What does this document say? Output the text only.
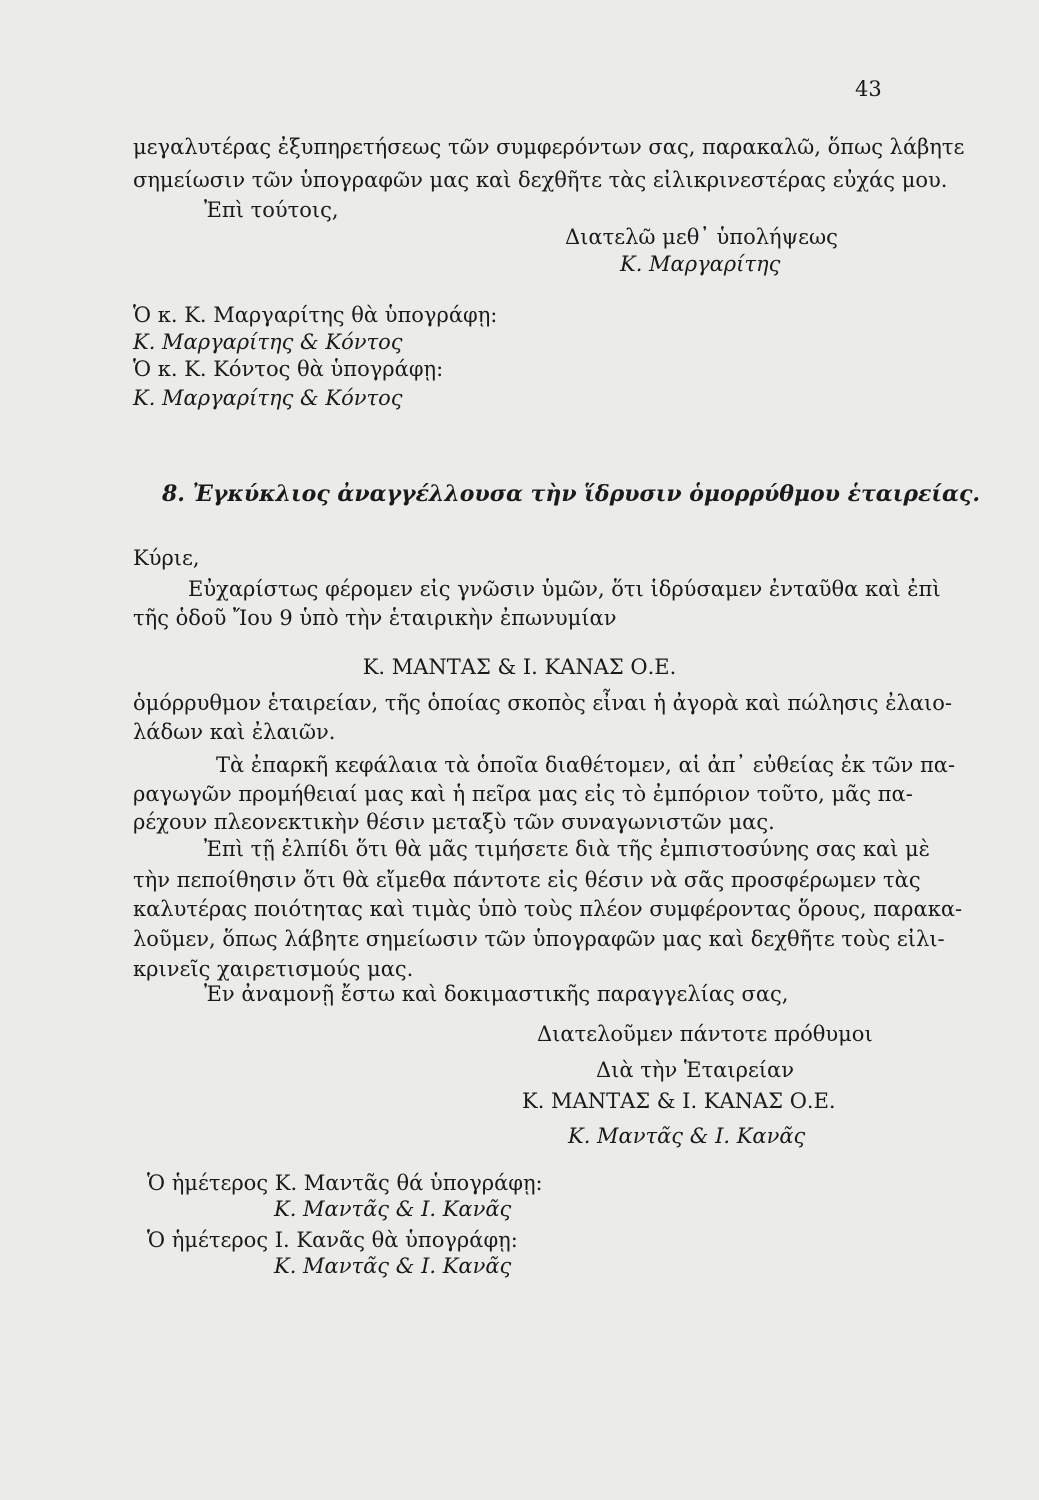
43
μεγαλυτέρας ἐξυπηρετήσεως τῶν συμφερόντων σας, παρακαλῶ, ὅπως λάβητε
σημείωσιν τῶν ὑπογραφῶν μας καὶ δεχθῆτε τὰς εἰλικρινεστέρας εὐχάς μου.
Ἐπὶ τούτοις,
Διατελῶ μεθ᾽ ὑπολήψεως
Κ. Μαργαρίτης
Ὁ κ. Κ. Μαργαρίτης θὰ ὑπογράφῃ:
Κ. Μαργαρίτης & Κόντος
Ὁ κ. Κ. Κόντος θὰ ὑπογράφῃ:
Κ. Μαργαρίτης & Κόντος
8. Ἐγκύκλιος ἀναγγέλλουσα τὴν ἵδρυσιν ὁμορρύθμου ἑταιρείας.
Κύριε,
Εὐχαρίστως φέρομεν εἰς γνῶσιν ὑμῶν, ὅτι ἱδρύσαμεν ἐνταῦθα καὶ ἐπὶ
τῆς ὁδοῦ Ἴου 9 ὑπὸ τὴν ἑταιρικὴν ἐπωνυμίαν
Κ. ΜΑΝΤΑΣ & Ι. ΚΑΝΑΣ Ο.Ε.
ὁμόρρυθμον ἑταιρείαν, τῆς ὁποίας σκοπὸς εἶναι ἡ ἀγορὰ καὶ πώλησις ἐλαιο-
λάδων καὶ ἐλαιῶν.
Τὰ ἐπαρκῆ κεφάλαια τὰ ὁποῖα διαθέτομεν, αἱ ἀπ᾽ εὐθείας ἐκ τῶν πα-
ραγωγῶν προμήθειαί μας καὶ ἡ πεῖρα μας εἰς τὸ ἐμπόριον τοῦτο, μᾶς πα-
ρέχουν πλεονεκτικὴν θέσιν μεταξὺ τῶν συναγωνιστῶν μας.
Ἐπὶ τῇ ἐλπίδι ὅτι θὰ μᾶς τιμήσετε διὰ τῆς ἐμπιστοσύνης σας καὶ μὲ
τὴν πεποίθησιν ὅτι θὰ εἴμεθα πάντοτε εἰς θέσιν νὰ σᾶς προσφέρωμεν τὰς
καλυτέρας ποιότητας καὶ τιμὰς ὑπὸ τοὺς πλέον συμφέροντας ὅρους, παρακα-
λοῦμεν, ὅπως λάβητε σημείωσιν τῶν ὑπογραφῶν μας καὶ δεχθῆτε τοὺς εἰλι-
κρινεῖς χαιρετισμούς μας.
Ἐν ἀναμονῇ ἔστω καὶ δοκιμαστικῆς παραγγελίας σας,
Διατελοῦμεν πάντοτε πρόθυμοι
Διὰ τὴν Ἑταιρείαν
Κ. ΜΑΝΤΑΣ & Ι. ΚΑΝΑΣ Ο.Ε.
Κ. Μαντᾶς & Ι. Κανᾶς
Ὁ ἡμέτερος Κ. Μαντᾶς θά ὑπογράφῃ:
Κ. Μαντᾶς & Ι. Κανᾶς
Ὁ ἡμέτερος Ι. Κανᾶς θὰ ὑπογράφῃ:
Κ. Μαντᾶς & Ι. Κανᾶς
